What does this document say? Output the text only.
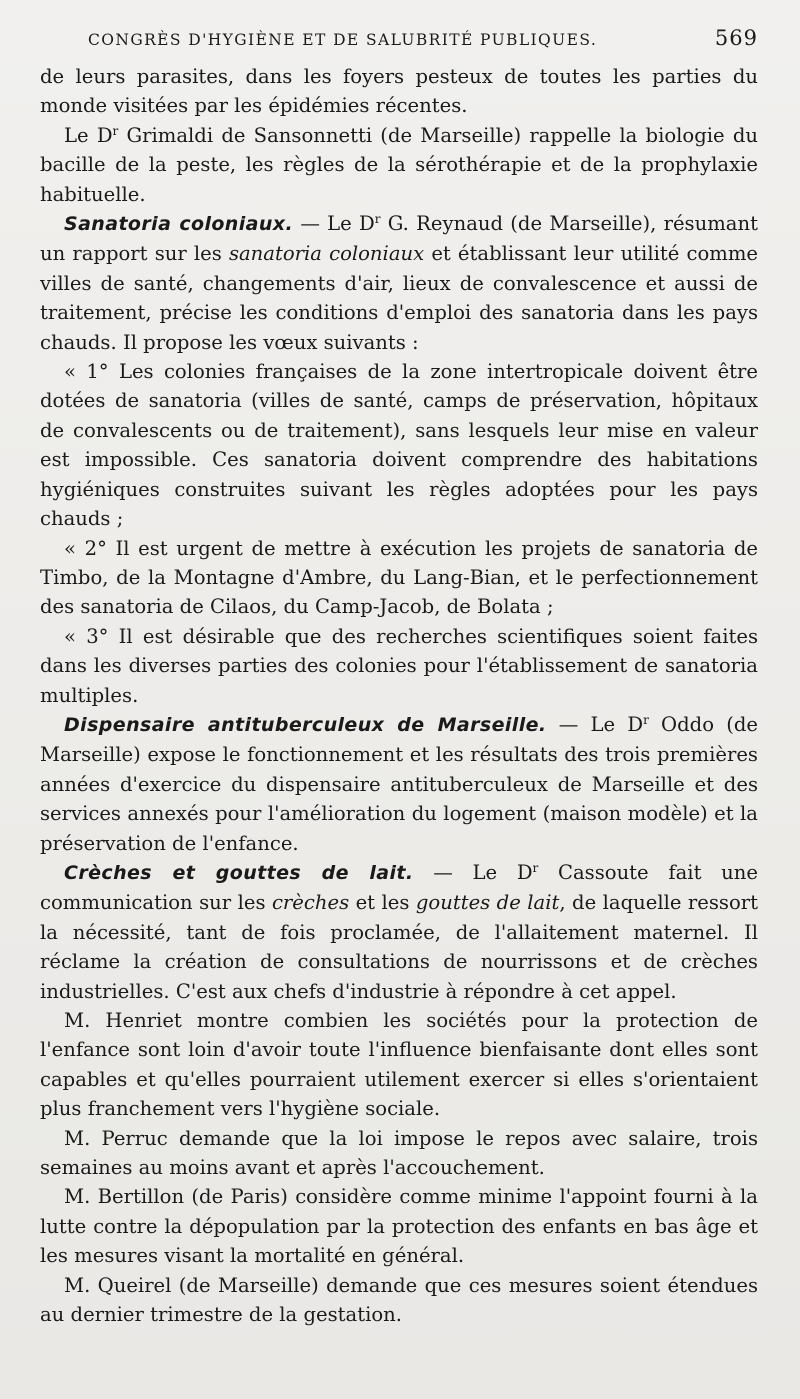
CONGRÈS D'HYGIÈNE ET DE SALUBRITÉ PUBLIQUES.	569

de leurs parasites, dans les foyers pesteux de toutes les parties du monde visitées par les épidémies récentes.

Le $D^r$ Grimaldi de Sansonnetti (de Marseille) rappelle la biologie du bacille de la peste, les règles de la sérothérapie et de la prophylaxie habituelle.

Sanatoria coloniaux. — Le $D^r$ G. Reynaud (de Marseille), résumant un rapport sur les sanatoria coloniaux et établissant leur utilité comme villes de santé, changements d'air, lieux de convalescence et aussi de traitement, précise les conditions d'emploi des sanatoria dans les pays chauds. Il propose les vœux suivants :

« 1° Les colonies françaises de la zone intertropicale doivent être dotées de sanatoria (villes de santé, camps de préservation, hôpitaux de convalescents ou de traitement), sans lesquels leur mise en valeur est impossible. Ces sanatoria doivent comprendre des habitations hygiéniques construites suivant les règles adoptées pour les pays chauds ;

« 2° Il est urgent de mettre à exécution les projets de sanatoria de Timbo, de la Montagne d'Ambre, du Lang-Bian, et le perfectionnement des sanatoria de Cilaos, du Camp-Jacob, de Bolata ;

« 3° Il est désirable que des recherches scientifiques soient faites dans les diverses parties des colonies pour l'établissement de sanatoria multiples.

Dispensaire antituberculeux de Marseille. — Le $D^r$ Oddo (de Marseille) expose le fonctionnement et les résultats des trois premières années d'exercice du dispensaire antituberculeux de Marseille et des services annexés pour l'amélioration du logement (maison modèle) et la préservation de l'enfance.

Crèches et gouttes de lait. — Le $D^r$ Cassoute fait une communication sur les crèches et les gouttes de lait, de laquelle ressort la nécessité, tant de fois proclamée, de l'allaitement maternel. Il réclame la création de consultations de nourrissons et de crèches industrielles. C'est aux chefs d'industrie à répondre à cet appel.

M. Henriet montre combien les sociétés pour la protection de l'enfance sont loin d'avoir toute l'influence bienfaisante dont elles sont capables et qu'elles pourraient utilement exercer si elles s'orientaient plus franchement vers l'hygiène sociale.

M. Perruc demande que la loi impose le repos avec salaire, trois semaines au moins avant et après l'accouchement.

M. Bertillon (de Paris) considère comme minime l'appoint fourni à la lutte contre la dépopulation par la protection des enfants en bas âge et les mesures visant la mortalité en général.

M. Queirel (de Marseille) demande que ces mesures soient étendues au dernier trimestre de la gestation.
